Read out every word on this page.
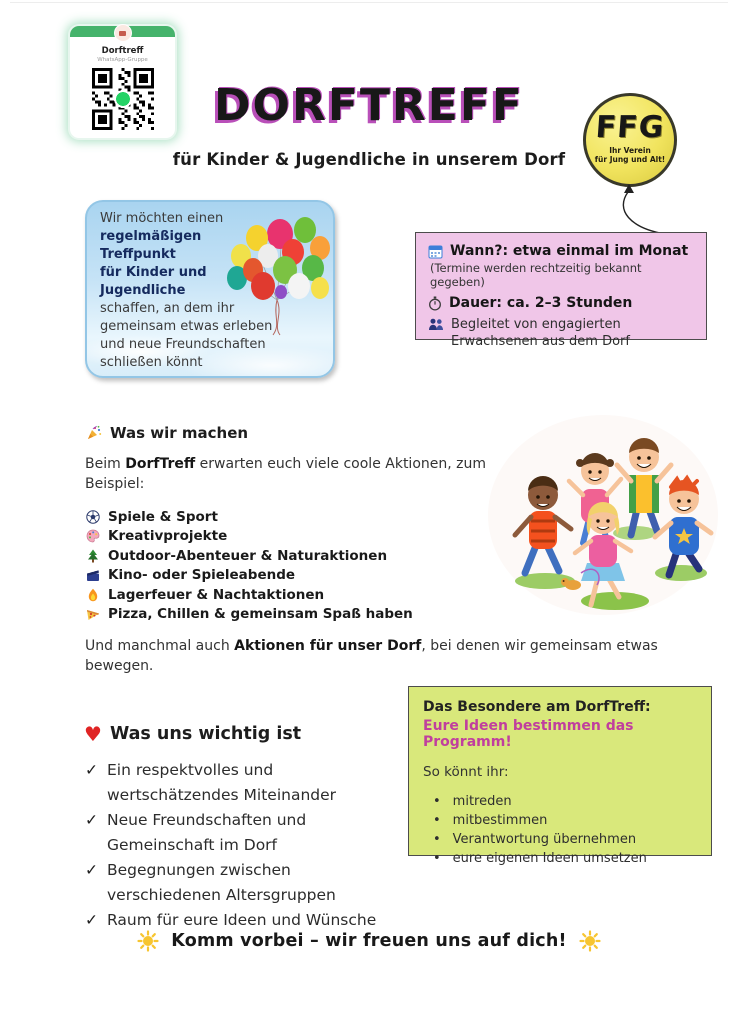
Dorftreff
WhatsApp-Gruppe
DORFTREFF
für Kinder & Jugendliche in unserem Dorf
FFG
Ihr Verein
für Jung und Alt!
Wir möchten einen
regelmäßigen
Treffpunkt
für Kinder und
Jugendliche
schaffen, an dem ihr
gemeinsam etwas erleben
und neue Freundschaften
schließen könnt
Wann?: etwa einmal im Monat
(Termine werden rechtzeitig bekannt gegeben)
Dauer: ca. 2–3 Stunden
Begleitet von engagierten Erwachsenen aus dem Dorf
Was wir machen
Beim DorfTreff erwarten euch viele coole Aktionen, zum Beispiel:
Spiele & Sport
Kreativprojekte
Outdoor-Abenteuer & Naturaktionen
Kino- oder Spieleabende
Lagerfeuer & Nachtaktionen
Pizza, Chillen & gemeinsam Spaß haben
Und manchmal auch Aktionen für unser Dorf, bei denen wir gemeinsam etwas bewegen.
Das Besondere am DorfTreff:
Eure Ideen bestimmen das Programm!
So könnt ihr:
• mitreden
• mitbestimmen
• Verantwortung übernehmen
• eure eigenen Ideen umsetzen
♥ Was uns wichtig ist
✓ Ein respektvolles und wertschätzendes Miteinander
✓ Neue Freundschaften und Gemeinschaft im Dorf
✓ Begegnungen zwischen verschiedenen Altersgruppen
✓ Raum für eure Ideen und Wünsche
Komm vorbei – wir freuen uns auf dich!
